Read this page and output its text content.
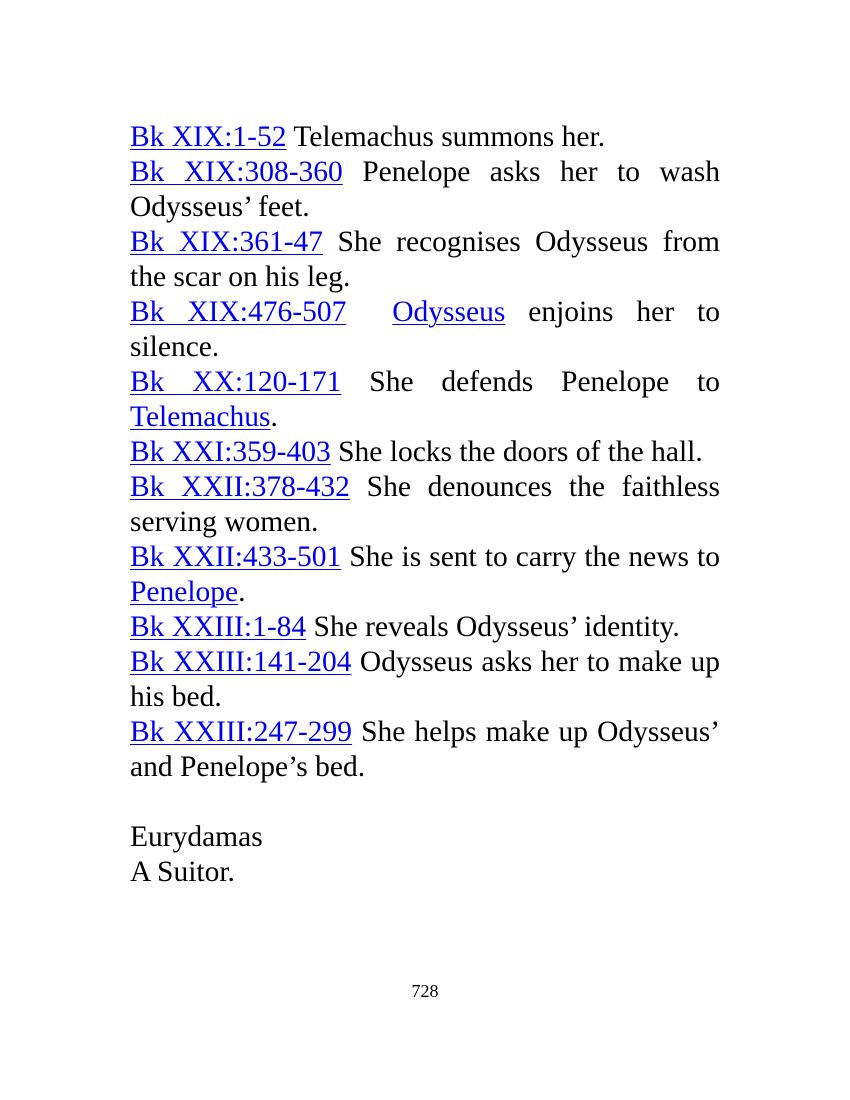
Bk XIX:1-52 Telemachus summons her.

Bk XIX:308-360 Penelope asks her to wash Odysseus’ feet.

Bk XIX:361-47 She recognises Odysseus from the scar on his leg.

Bk XIX:476-507 Odysseus enjoins her to silence.

Bk XX:120-171 She defends Penelope to Telemachus.

Bk XXI:359-403 She locks the doors of the hall.

Bk XXII:378-432 She denounces the faithless serving women.

Bk XXII:433-501 She is sent to carry the news to Penelope.

Bk XXIII:1-84 She reveals Odysseus’ identity.

Bk XXIII:141-204 Odysseus asks her to make up his bed.

Bk XXIII:247-299 She helps make up Odysseus’ and Penelope’s bed.

Eurydamas

A Suitor.

728
